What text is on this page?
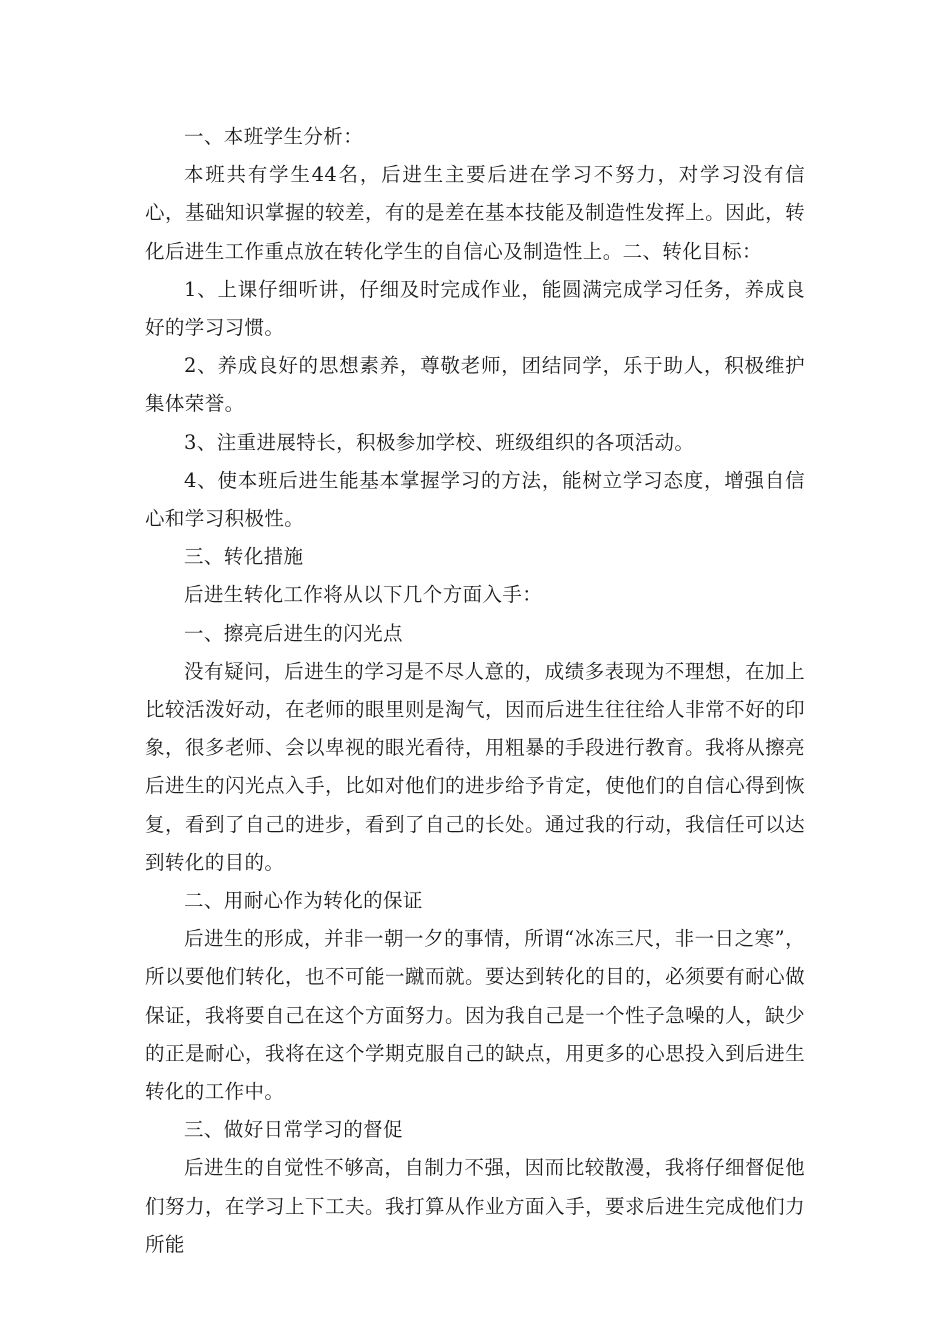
一、本班学生分析：

本班共有学生44名，后进生主要后进在学习不努力，对学习没有信心，基础知识掌握的较差，有的是差在基本技能及制造性发挥上。因此，转化后进生工作重点放在转化学生的自信心及制造性上。二、转化目标：

1、上课仔细听讲，仔细及时完成作业，能圆满完成学习任务，养成良好的学习习惯。

2、养成良好的思想素养，尊敬老师，团结同学，乐于助人，积极维护集体荣誉。

3、注重进展特长，积极参加学校、班级组织的各项活动。

4、使本班后进生能基本掌握学习的方法，能树立学习态度，增强自信心和学习积极性。

三、转化措施

后进生转化工作将从以下几个方面入手：

一、擦亮后进生的闪光点

没有疑问，后进生的学习是不尽人意的，成绩多表现为不理想，在加上比较活泼好动，在老师的眼里则是淘气，因而后进生往往给人非常不好的印象，很多老师、会以卑视的眼光看待，用粗暴的手段进行教育。我将从擦亮后进生的闪光点入手，比如对他们的进步给予肯定，使他们的自信心得到恢复，看到了自己的进步，看到了自己的长处。通过我的行动，我信任可以达到转化的目的。

二、用耐心作为转化的保证

后进生的形成，并非一朝一夕的事情，所谓“冰冻三尺，非一日之寒”，所以要他们转化，也不可能一蹴而就。要达到转化的目的，必须要有耐心做保证，我将要自己在这个方面努力。因为我自己是一个性子急噪的人，缺少的正是耐心，我将在这个学期克服自己的缺点，用更多的心思投入到后进生转化的工作中。

三、做好日常学习的督促

后进生的自觉性不够高，自制力不强，因而比较散漫，我将仔细督促他们努力，在学习上下工夫。我打算从作业方面入手，要求后进生完成他们力所能
